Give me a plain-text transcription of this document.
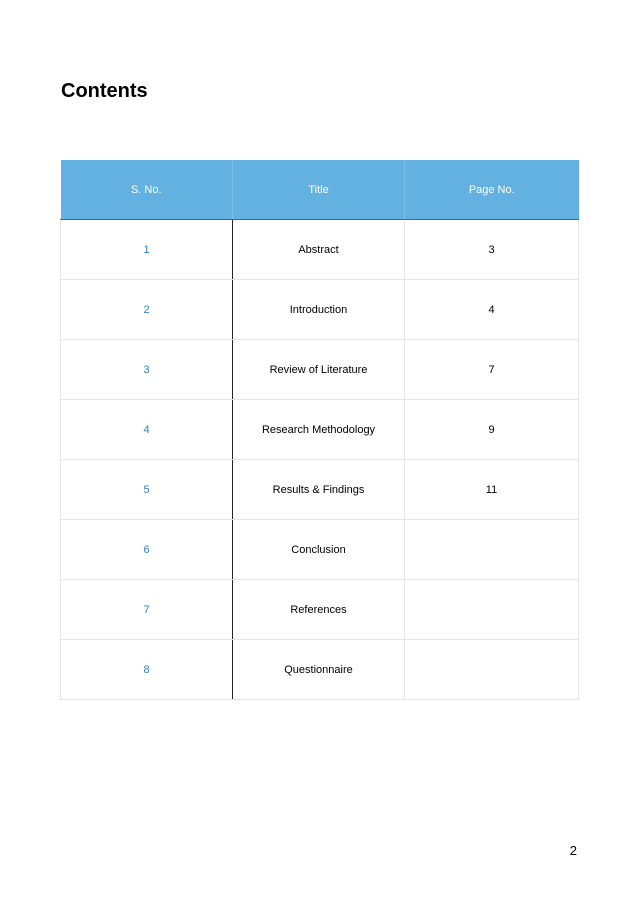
Contents
S. No.	Title	Page No.
1	Abstract	3
2	Introduction	4
3	Review of Literature	7
4	Research Methodology	9
5	Results & Findings	11
6	Conclusion	
7	References	
8	Questionnaire	
2
